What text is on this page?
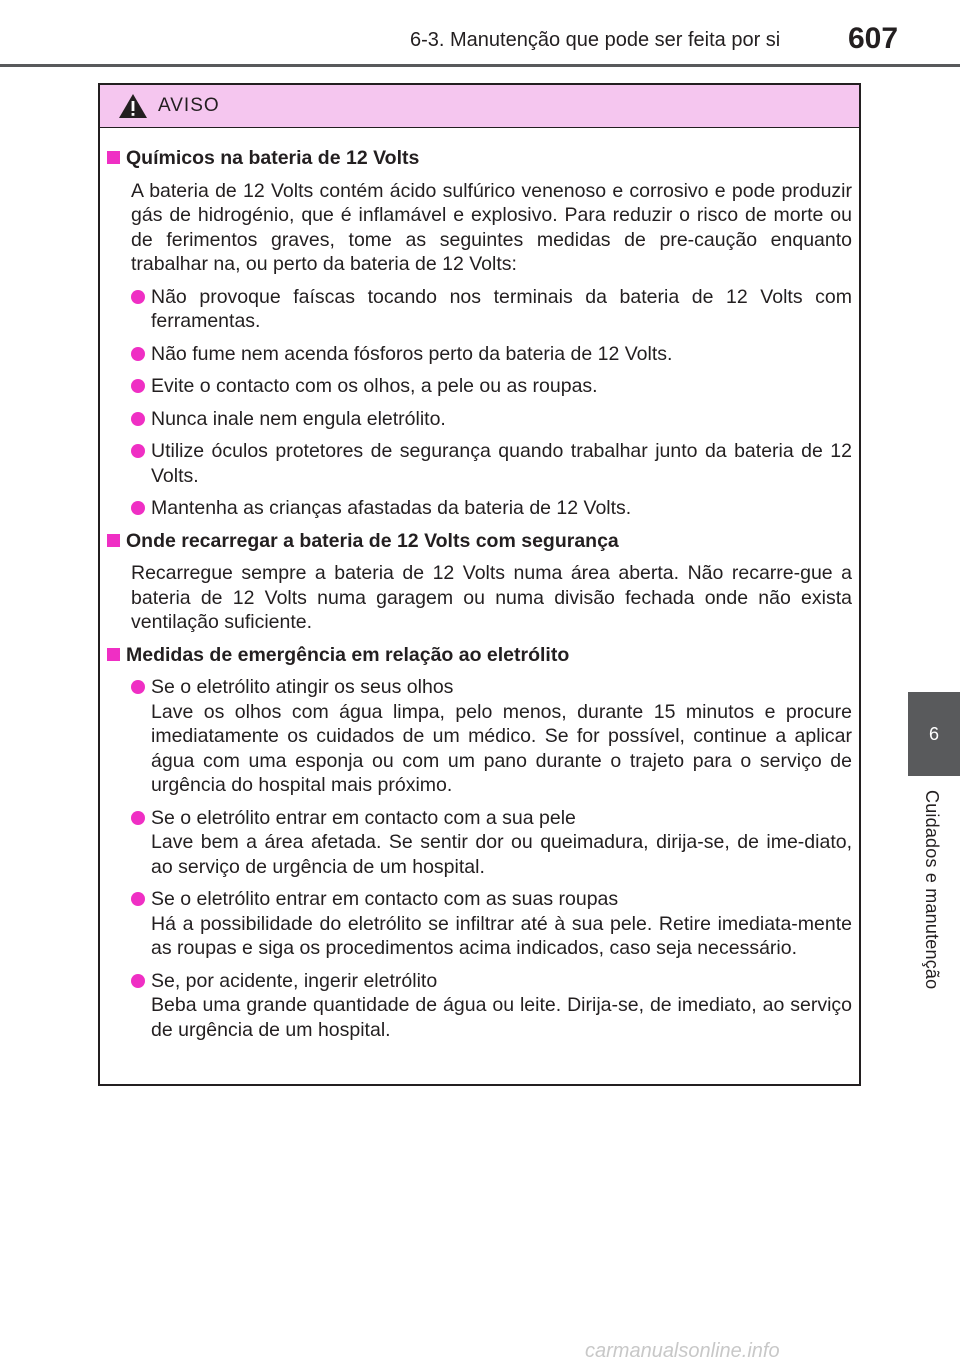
6-3. Manutenção que pode ser feita por si 607
6
Cuidados e manutenção
AVISO
Químicos na bateria de 12 Volts
A bateria de 12 Volts contém ácido sulfúrico venenoso e corrosivo e pode produzir gás de hidrogénio, que é inflamável e explosivo. Para reduzir o risco de morte ou de ferimentos graves, tome as seguintes medidas de pre-caução enquanto trabalhar na, ou perto da bateria de 12 Volts:
Não provoque faíscas tocando nos terminais da bateria de 12 Volts com ferramentas.
Não fume nem acenda fósforos perto da bateria de 12 Volts.
Evite o contacto com os olhos, a pele ou as roupas.
Nunca inale nem engula eletrólito.
Utilize óculos protetores de segurança quando trabalhar junto da bateria de 12 Volts.
Mantenha as crianças afastadas da bateria de 12 Volts.
Onde recarregar a bateria de 12 Volts com segurança
Recarregue sempre a bateria de 12 Volts numa área aberta. Não recarre-gue a bateria de 12 Volts numa garagem ou numa divisão fechada onde não exista ventilação suficiente.
Medidas de emergência em relação ao eletrólito
Se o eletrólito atingir os seus olhos
Lave os olhos com água limpa, pelo menos, durante 15 minutos e procure imediatamente os cuidados de um médico. Se for possível, continue a aplicar água com uma esponja ou com um pano durante o trajeto para o serviço de urgência do hospital mais próximo.
Se o eletrólito entrar em contacto com a sua pele
Lave bem a área afetada. Se sentir dor ou queimadura, dirija-se, de ime-diato, ao serviço de urgência de um hospital.
Se o eletrólito entrar em contacto com as suas roupas
Há a possibilidade do eletrólito se infiltrar até à sua pele. Retire imediata-mente as roupas e siga os procedimentos acima indicados, caso seja necessário.
Se, por acidente, ingerir eletrólito
Beba uma grande quantidade de água ou leite. Dirija-se, de imediato, ao serviço de urgência de um hospital.
carmanualsonline.info
